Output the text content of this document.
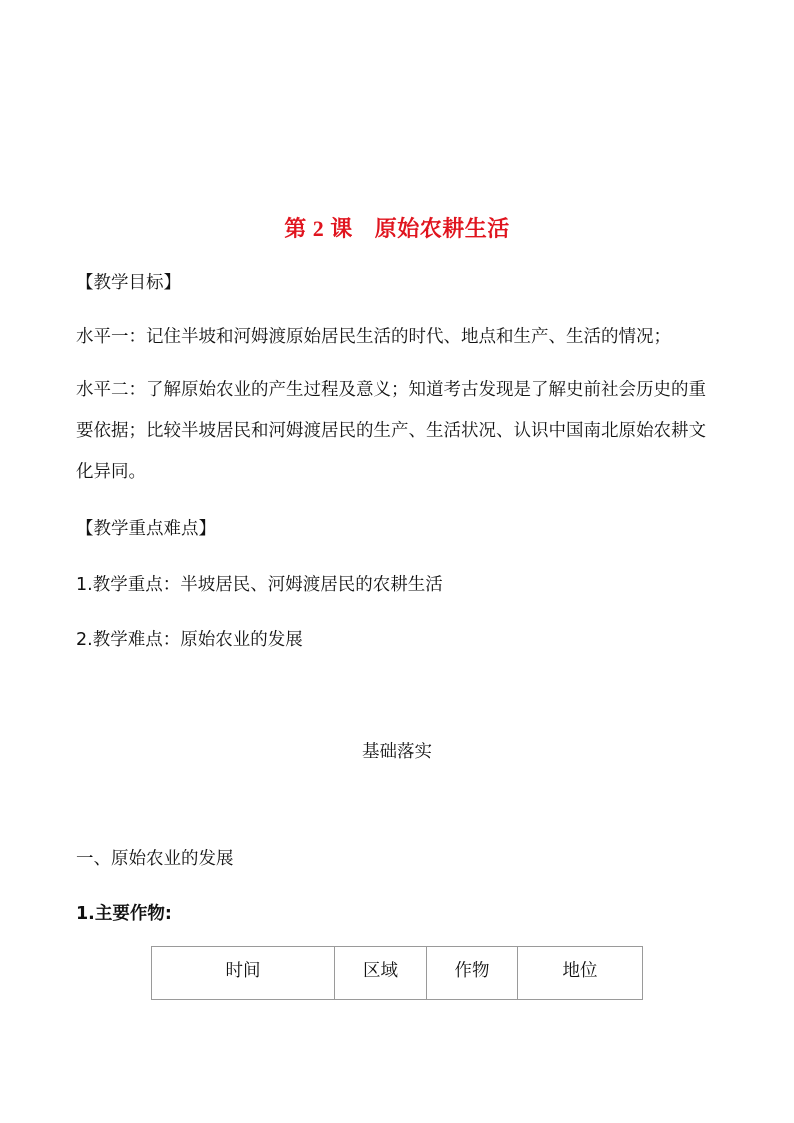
第 2 课 原始农耕生活
【教学目标】
水平一：记住半坡和河姆渡原始居民生活的时代、地点和生产、生活的情况；
水平二：了解原始农业的产生过程及意义；知道考古发现是了解史前社会历史的重要依据；比较半坡居民和河姆渡居民的生产、生活状况、认识中国南北原始农耕文化异同。
【教学重点难点】
1.教学重点：半坡居民、河姆渡居民的农耕生活
2.教学难点：原始农业的发展
基础落实
一、原始农业的发展
1.主要作物:
时间	区域	作物	地位
